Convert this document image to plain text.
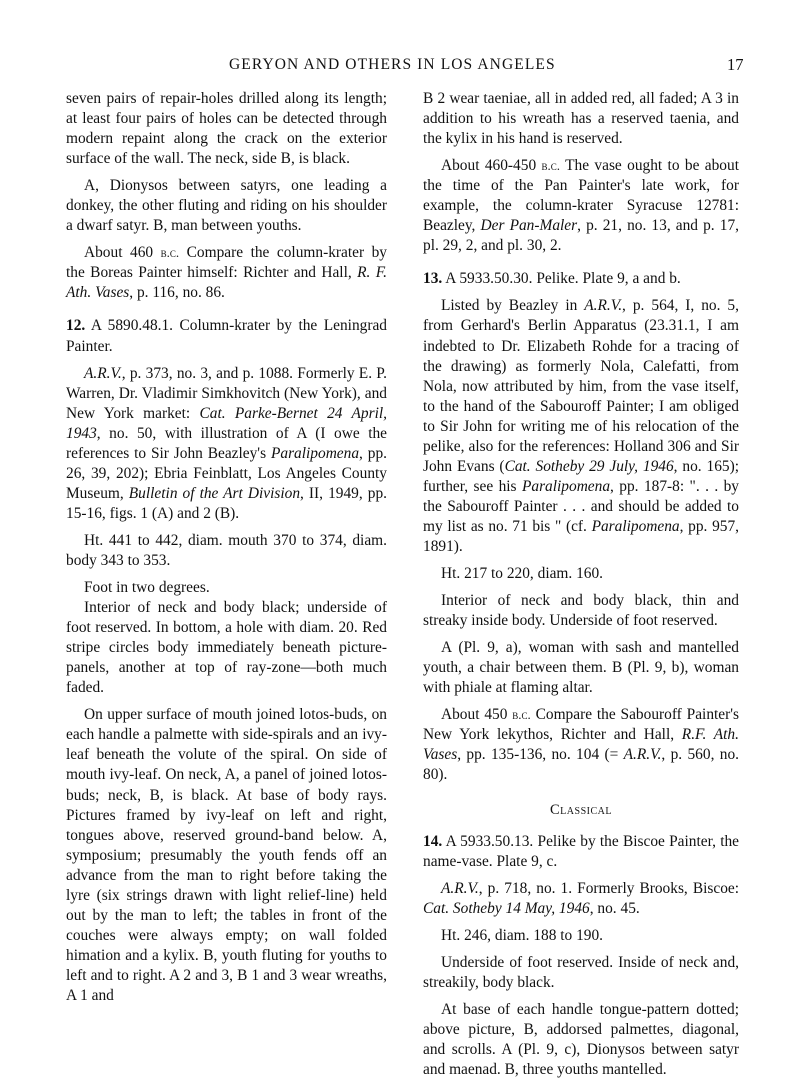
GERYON AND OTHERS IN LOS ANGELES	17

seven pairs of repair-holes drilled along its length; at least four pairs of holes can be detected through modern repaint along the crack on the exterior surface of the wall. The neck, side B, is black.

A, Dionysos between satyrs, one leading a donkey, the other fluting and riding on his shoulder a dwarf satyr. B, man between youths.

About 460 b.c. Compare the column-krater by the Boreas Painter himself: Richter and Hall, R. F. Ath. Vases, p. 116, no. 86.

12. A 5890.48.1. Column-krater by the Leningrad Painter.

A.R.V., p. 373, no. 3, and p. 1088. Formerly E. P. Warren, Dr. Vladimir Simkhovitch (New York), and New York market: Cat. Parke-Bernet 24 April, 1943, no. 50, with illustration of A (I owe the references to Sir John Beazley's Paralipomena, pp. 26, 39, 202); Ebria Feinblatt, Los Angeles County Museum, Bulletin of the Art Division, II, 1949, pp. 15-16, figs. 1 (A) and 2 (B).

Ht. 441 to 442, diam. mouth 370 to 374, diam. body 343 to 353.

Foot in two degrees.

Interior of neck and body black; underside of foot reserved. In bottom, a hole with diam. 20. Red stripe circles body immediately beneath picture-panels, another at top of ray-zone—both much faded.

On upper surface of mouth joined lotos-buds, on each handle a palmette with side-spirals and an ivy-leaf beneath the volute of the spiral. On side of mouth ivy-leaf. On neck, A, a panel of joined lotos-buds; neck, B, is black. At base of body rays. Pictures framed by ivy-leaf on left and right, tongues above, reserved ground-band below. A, symposium; presumably the youth fends off an advance from the man to right before taking the lyre (six strings drawn with light relief-line) held out by the man to left; the tables in front of the couches were always empty; on wall folded himation and a kylix. B, youth fluting for youths to left and to right. A 2 and 3, B 1 and 3 wear wreaths, A 1 and

B 2 wear taeniae, all in added red, all faded; A 3 in addition to his wreath has a reserved taenia, and the kylix in his hand is reserved.

About 460-450 b.c. The vase ought to be about the time of the Pan Painter's late work, for example, the column-krater Syracuse 12781: Beazley, Der Pan-Maler, p. 21, no. 13, and p. 17, pl. 29, 2, and pl. 30, 2.

13. A 5933.50.30. Pelike. Plate 9, a and b.

Listed by Beazley in A.R.V., p. 564, I, no. 5, from Gerhard's Berlin Apparatus (23.31.1, I am indebted to Dr. Elizabeth Rohde for a tracing of the drawing) as formerly Nola, Calefatti, from Nola, now attributed by him, from the vase itself, to the hand of the Sabouroff Painter; I am obliged to Sir John for writing me of his relocation of the pelike, also for the references: Holland 306 and Sir John Evans (Cat. Sotheby 29 July, 1946, no. 165); further, see his Paralipomena, pp. 187-8: ". . . by the Sabouroff Painter . . . and should be added to my list as no. 71 bis " (cf. Paralipomena, pp. 957, 1891).

Ht. 217 to 220, diam. 160.

Interior of neck and body black, thin and streaky inside body. Underside of foot reserved.

A (Pl. 9, a), woman with sash and mantelled youth, a chair between them. B (Pl. 9, b), woman with phiale at flaming altar.

About 450 b.c. Compare the Sabouroff Painter's New York lekythos, Richter and Hall, R.F. Ath. Vases, pp. 135-136, no. 104 (= A.R.V., p. 560, no. 80).

Classical

14. A 5933.50.13. Pelike by the Biscoe Painter, the name-vase. Plate 9, c.

A.R.V., p. 718, no. 1. Formerly Brooks, Biscoe: Cat. Sotheby 14 May, 1946, no. 45.

Ht. 246, diam. 188 to 190.

Underside of foot reserved. Inside of neck and, streakily, body black.

At base of each handle tongue-pattern dotted; above picture, B, addorsed palmettes, diagonal, and scrolls. A (Pl. 9, c), Dionysos between satyr and maenad. B, three youths mantelled.
